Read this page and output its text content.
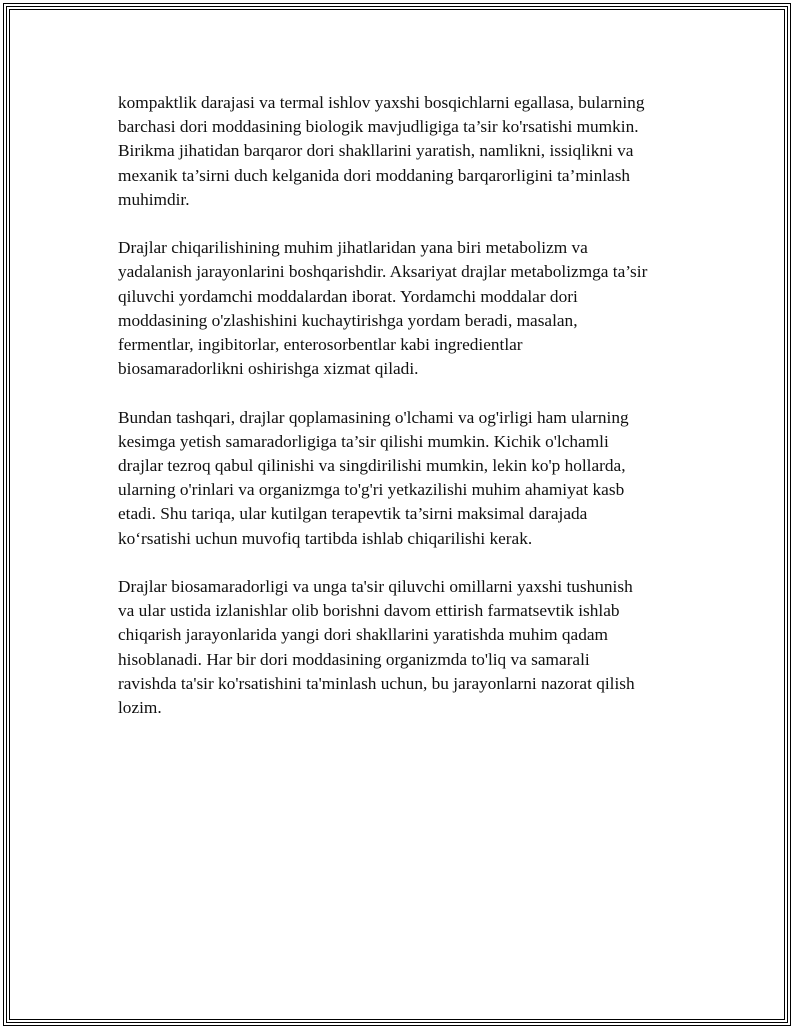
kompaktlik darajasi va termal ishlov yaxshi bosqichlarni egallasa, bularning
barchasi dori moddasining biologik mavjudligiga ta’sir ko'rsatishi mumkin.
Birikma jihatidan barqaror dori shakllarini yaratish, namlikni, issiqlikni va
mexanik ta’sirni duch kelganida dori moddaning barqarorligini ta’minlash
muhimdir.

Drajlar chiqarilishining muhim jihatlaridan yana biri metabolizm va
yadalanish jarayonlarini boshqarishdir. Aksariyat drajlar metabolizmga ta’sir
qiluvchi yordamchi moddalardan iborat. Yordamchi moddalar dori
moddasining o'zlashishini kuchaytirishga yordam beradi, masalan,
fermentlar, ingibitorlar, enterosorbentlar kabi ingredientlar
biosamaradorlikni oshirishga xizmat qiladi.

Bundan tashqari, drajlar qoplamasining o'lchami va og'irligi ham ularning
kesimga yetish samaradorligiga ta’sir qilishi mumkin. Kichik o'lchamli
drajlar tezroq qabul qilinishi va singdirilishi mumkin, lekin ko'p hollarda,
ularning o'rinlari va organizmga to'g'ri yetkazilishi muhim ahamiyat kasb
etadi. Shu tariqa, ular kutilgan terapevtik ta’sirni maksimal darajada
ko‘rsatishi uchun muvofiq tartibda ishlab chiqarilishi kerak.

Drajlar biosamaradorligi va unga ta'sir qiluvchi omillarni yaxshi tushunish
va ular ustida izlanishlar olib borishni davom ettirish farmatsevtik ishlab
chiqarish jarayonlarida yangi dori shakllarini yaratishda muhim qadam
hisoblanadi. Har bir dori moddasining organizmda to'liq va samarali
ravishda ta'sir ko'rsatishini ta'minlash uchun, bu jarayonlarni nazorat qilish
lozim.
